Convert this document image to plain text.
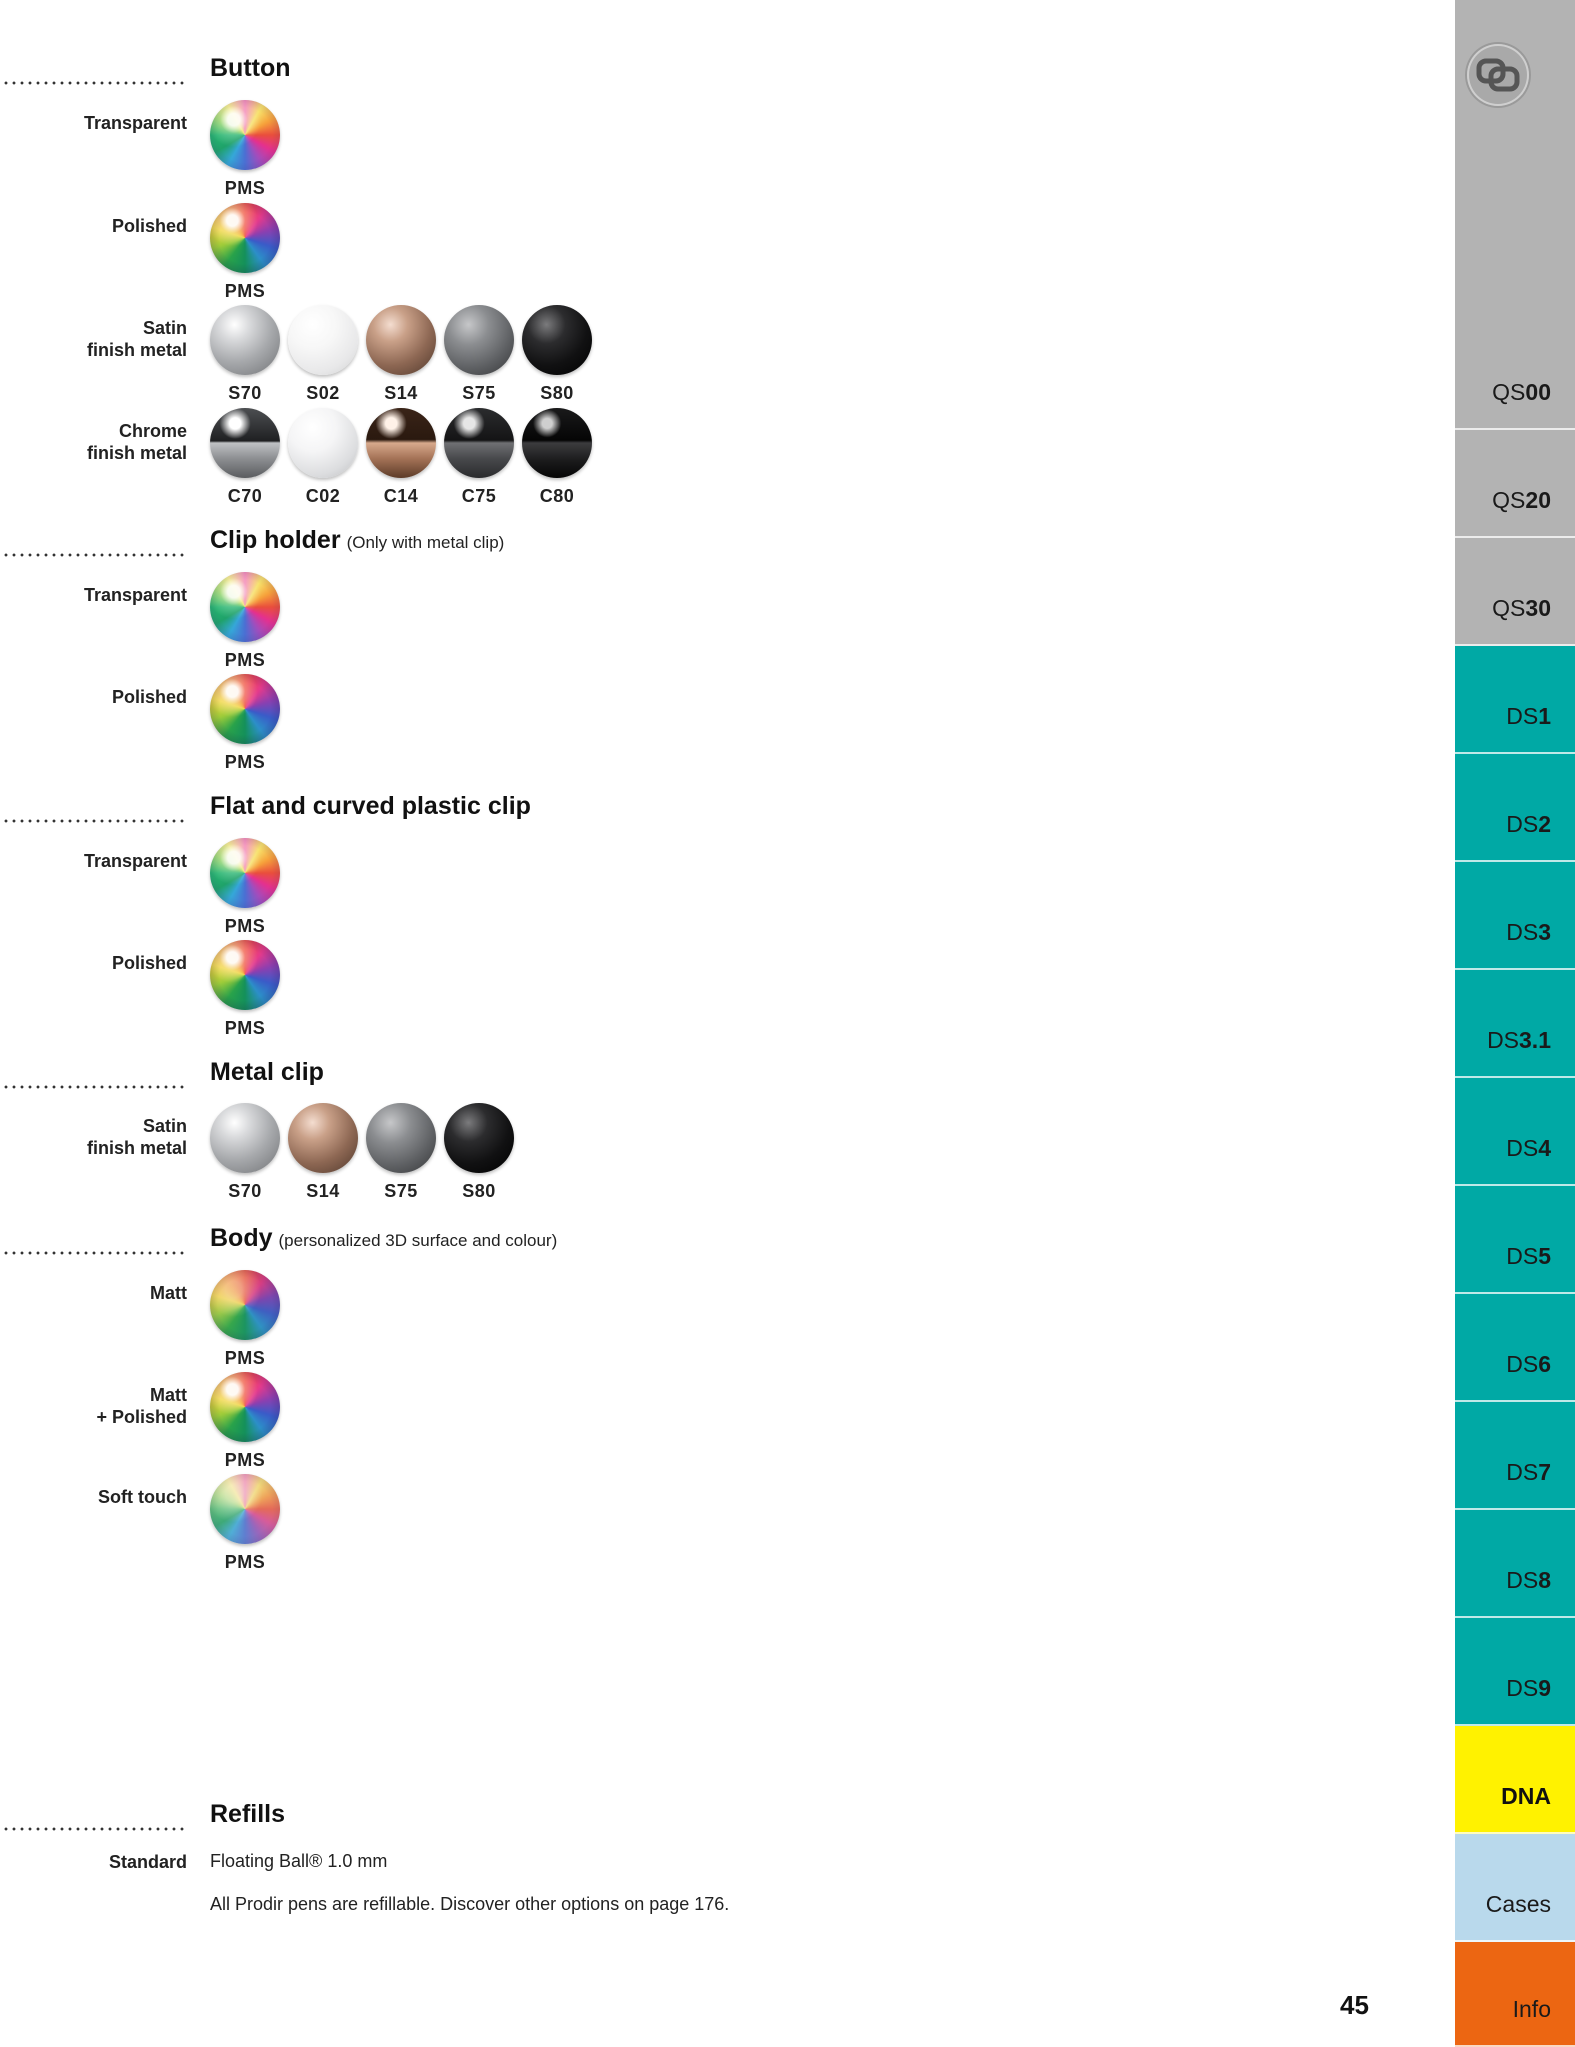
Button
Transparent
PMS
Polished
PMS
Satin
finish metal
S70	S02	S14	S75	S80
Chrome
finish metal
C70	C02	C14	C75	C80
Clip holder (Only with metal clip)
Transparent
PMS
Polished
PMS
Flat and curved plastic clip
Transparent
PMS
Polished
PMS
Metal clip
Satin
finish metal
S70	S14	S75	S80
Body (personalized 3D surface and colour)
Matt
PMS
Matt
+ Polished
PMS
Soft touch
PMS
Refills
Standard Floating Ball® 1.0 mm
All Prodir pens are refillable. Discover other options on page 176.
45
QS 00
QS 20
QS 30
DS 1
DS 2
DS 3
DS 3.1
DS 4
DS 5
DS 6
DS 7
DS 8
DS 9
DNA
Cases
Info
